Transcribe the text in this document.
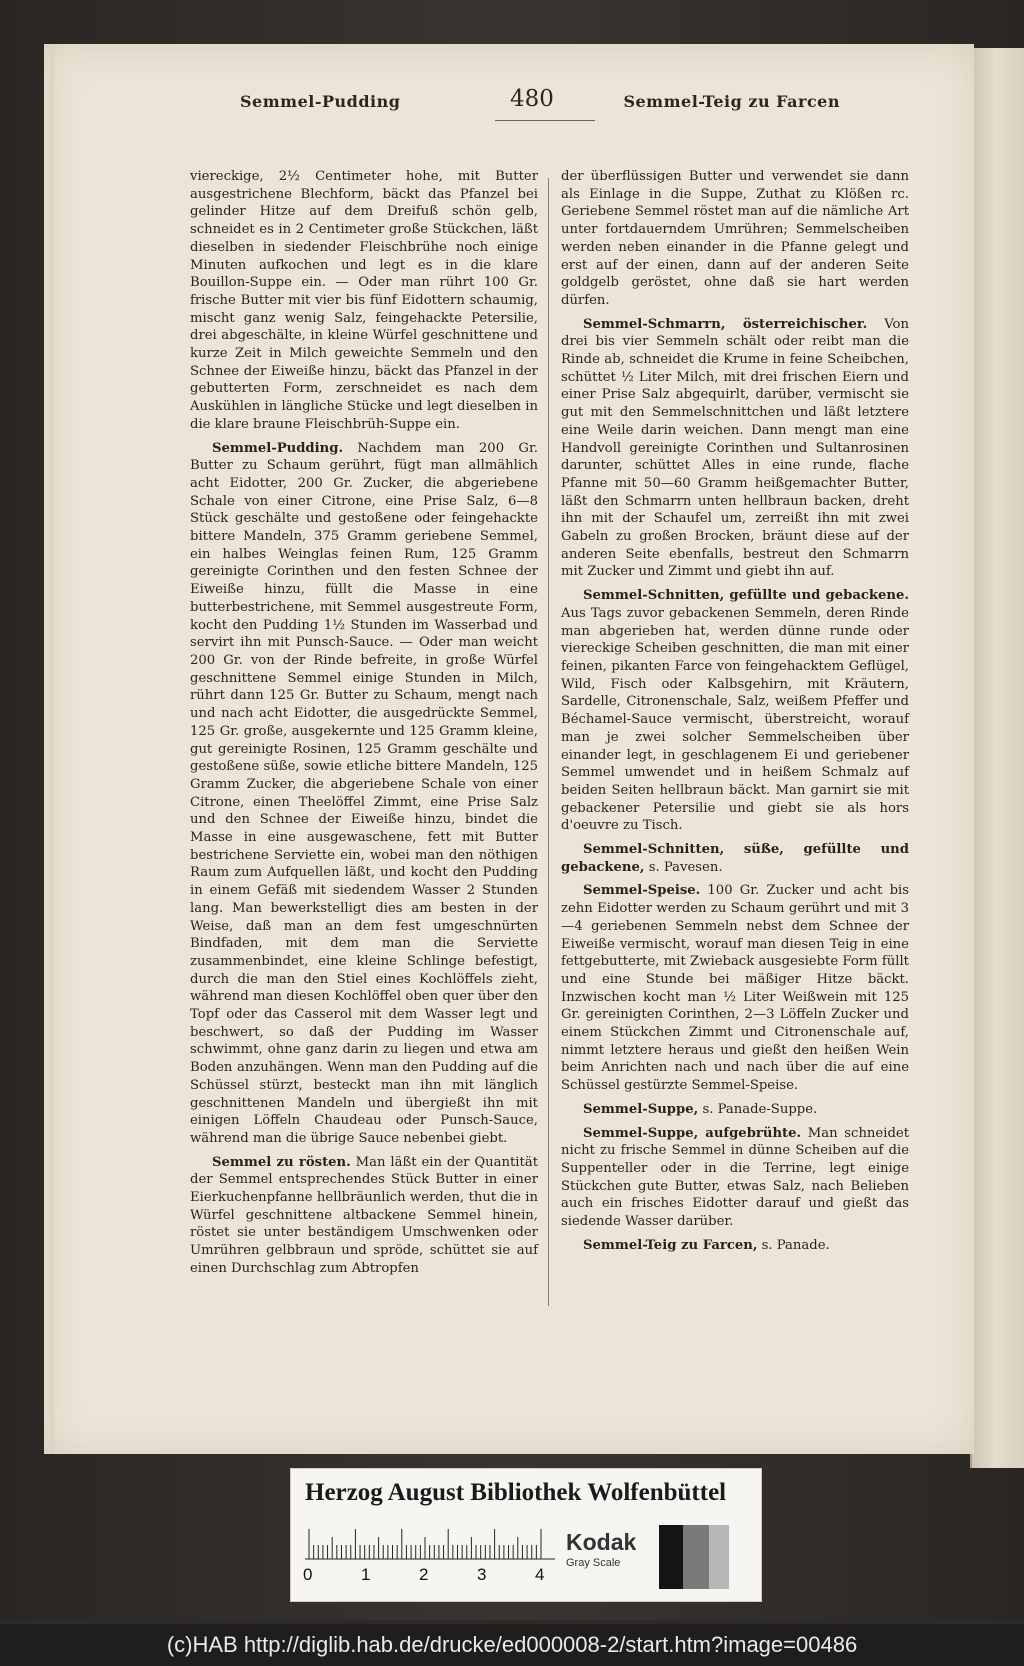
Semmel-Pudding	480	Semmel-Teig zu Farcen

viereckige, 2½ Centimeter hohe, mit Butter ausgestrichene Blechform, bäckt das Pfanzel bei gelinder Hitze auf dem Dreifuß schön gelb, schneidet es in 2 Centimeter große Stückchen, läßt dieselben in siedender Fleischbrühe noch einige Minuten aufkochen und legt es in die klare Bouillon-Suppe ein. — Oder man rührt 100 Gr. frische Butter mit vier bis fünf Eidottern schaumig, mischt ganz wenig Salz, feingehackte Petersilie, drei abgeschälte, in kleine Würfel geschnittene und kurze Zeit in Milch geweichte Semmeln und den Schnee der Eiweiße hinzu, bäckt das Pfanzel in der gebutterten Form, zerschneidet es nach dem Auskühlen in längliche Stücke und legt dieselben in die klare braune Fleischbrüh-Suppe ein.

Semmel-Pudding. Nachdem man 200 Gr. Butter zu Schaum gerührt, fügt man allmählich acht Eidotter, 200 Gr. Zucker, die abgeriebene Schale von einer Citrone, eine Prise Salz, 6—8 Stück geschälte und gestoßene oder feingehackte bittere Mandeln, 375 Gramm geriebene Semmel, ein halbes Weinglas feinen Rum, 125 Gramm gereinigte Corinthen und den festen Schnee der Eiweiße hinzu, füllt die Masse in eine butterbestrichene, mit Semmel ausgestreute Form, kocht den Pudding 1½ Stunden im Wasserbad und servirt ihn mit Punsch-Sauce. — Oder man weicht 200 Gr. von der Rinde befreite, in große Würfel geschnittene Semmel einige Stunden in Milch, rührt dann 125 Gr. Butter zu Schaum, mengt nach und nach acht Eidotter, die ausgedrückte Semmel, 125 Gr. große, ausgekernte und 125 Gramm kleine, gut gereinigte Rosinen, 125 Gramm geschälte und gestoßene süße, sowie etliche bittere Mandeln, 125 Gramm Zucker, die abgeriebene Schale von einer Citrone, einen Theelöffel Zimmt, eine Prise Salz und den Schnee der Eiweiße hinzu, bindet die Masse in eine ausgewaschene, fett mit Butter bestrichene Serviette ein, wobei man den nöthigen Raum zum Aufquellen läßt, und kocht den Pudding in einem Gefäß mit siedendem Wasser 2 Stunden lang. Man bewerkstelligt dies am besten in der Weise, daß man an dem fest umgeschnürten Bindfaden, mit dem man die Serviette zusammenbindet, eine kleine Schlinge befestigt, durch die man den Stiel eines Kochlöffels zieht, während man diesen Kochlöffel oben quer über den Topf oder das Casserol mit dem Wasser legt und beschwert, so daß der Pudding im Wasser schwimmt, ohne ganz darin zu liegen und etwa am Boden anzuhängen. Wenn man den Pudding auf die Schüssel stürzt, besteckt man ihn mit länglich geschnittenen Mandeln und übergießt ihn mit einigen Löffeln Chaudeau oder Punsch-Sauce, während man die übrige Sauce nebenbei giebt.

Semmel zu rösten. Man läßt ein der Quantität der Semmel entsprechendes Stück Butter in einer Eierkuchenpfanne hellbräunlich werden, thut die in Würfel geschnittene altbackene Semmel hinein, röstet sie unter beständigem Umschwenken oder Umrühren gelbbraun und spröde, schüttet sie auf einen Durchschlag zum Abtropfen

der überflüssigen Butter und verwendet sie dann als Einlage in die Suppe, Zuthat zu Klößen rc. Geriebene Semmel röstet man auf die nämliche Art unter fortdauerndem Umrühren; Semmelscheiben werden neben einander in die Pfanne gelegt und erst auf der einen, dann auf der anderen Seite goldgelb geröstet, ohne daß sie hart werden dürfen.

Semmel-Schmarrn, österreichischer. Von drei bis vier Semmeln schält oder reibt man die Rinde ab, schneidet die Krume in feine Scheibchen, schüttet ½ Liter Milch, mit drei frischen Eiern und einer Prise Salz abgequirlt, darüber, vermischt sie gut mit den Semmelschnittchen und läßt letztere eine Weile darin weichen. Dann mengt man eine Handvoll gereinigte Corinthen und Sultanrosinen darunter, schüttet Alles in eine runde, flache Pfanne mit 50—60 Gramm heißgemachter Butter, läßt den Schmarrn unten hellbraun backen, dreht ihn mit der Schaufel um, zerreißt ihn mit zwei Gabeln zu großen Brocken, bräunt diese auf der anderen Seite ebenfalls, bestreut den Schmarrn mit Zucker und Zimmt und giebt ihn auf.

Semmel-Schnitten, gefüllte und gebackene. Aus Tags zuvor gebackenen Semmeln, deren Rinde man abgerieben hat, werden dünne runde oder viereckige Scheiben geschnitten, die man mit einer feinen, pikanten Farce von feingehacktem Geflügel, Wild, Fisch oder Kalbsgehirn, mit Kräutern, Sardelle, Citronenschale, Salz, weißem Pfeffer und Béchamel-Sauce vermischt, überstreicht, worauf man je zwei solcher Semmelscheiben über einander legt, in geschlagenem Ei und geriebener Semmel umwendet und in heißem Schmalz auf beiden Seiten hellbraun bäckt. Man garnirt sie mit gebackener Petersilie und giebt sie als hors d'oeuvre zu Tisch.

Semmel-Schnitten, süße, gefüllte und gebackene, s. Pavesen.

Semmel-Speise. 100 Gr. Zucker und acht bis zehn Eidotter werden zu Schaum gerührt und mit 3—4 geriebenen Semmeln nebst dem Schnee der Eiweiße vermischt, worauf man diesen Teig in eine fettgebutterte, mit Zwieback ausgesiebte Form füllt und eine Stunde bei mäßiger Hitze bäckt. Inzwischen kocht man ½ Liter Weißwein mit 125 Gr. gereinigten Corinthen, 2—3 Löffeln Zucker und einem Stückchen Zimmt und Citronenschale auf, nimmt letztere heraus und gießt den heißen Wein beim Anrichten nach und nach über die auf eine Schüssel gestürzte Semmel-Speise.

Semmel-Suppe, s. Panade-Suppe.

Semmel-Suppe, aufgebrühte. Man schneidet nicht zu frische Semmel in dünne Scheiben auf die Suppenteller oder in die Terrine, legt einige Stückchen gute Butter, etwas Salz, nach Belieben auch ein frisches Eidotter darauf und gießt das siedende Wasser darüber.

Semmel-Teig zu Farcen, s. Panade.

Herzog August Bibliothek Wolfenbüttel
0	1	2	3	4
Kodak
Gray Scale
(c)HAB http://diglib.hab.de/drucke/ed000008-2/start.htm?image=00486
